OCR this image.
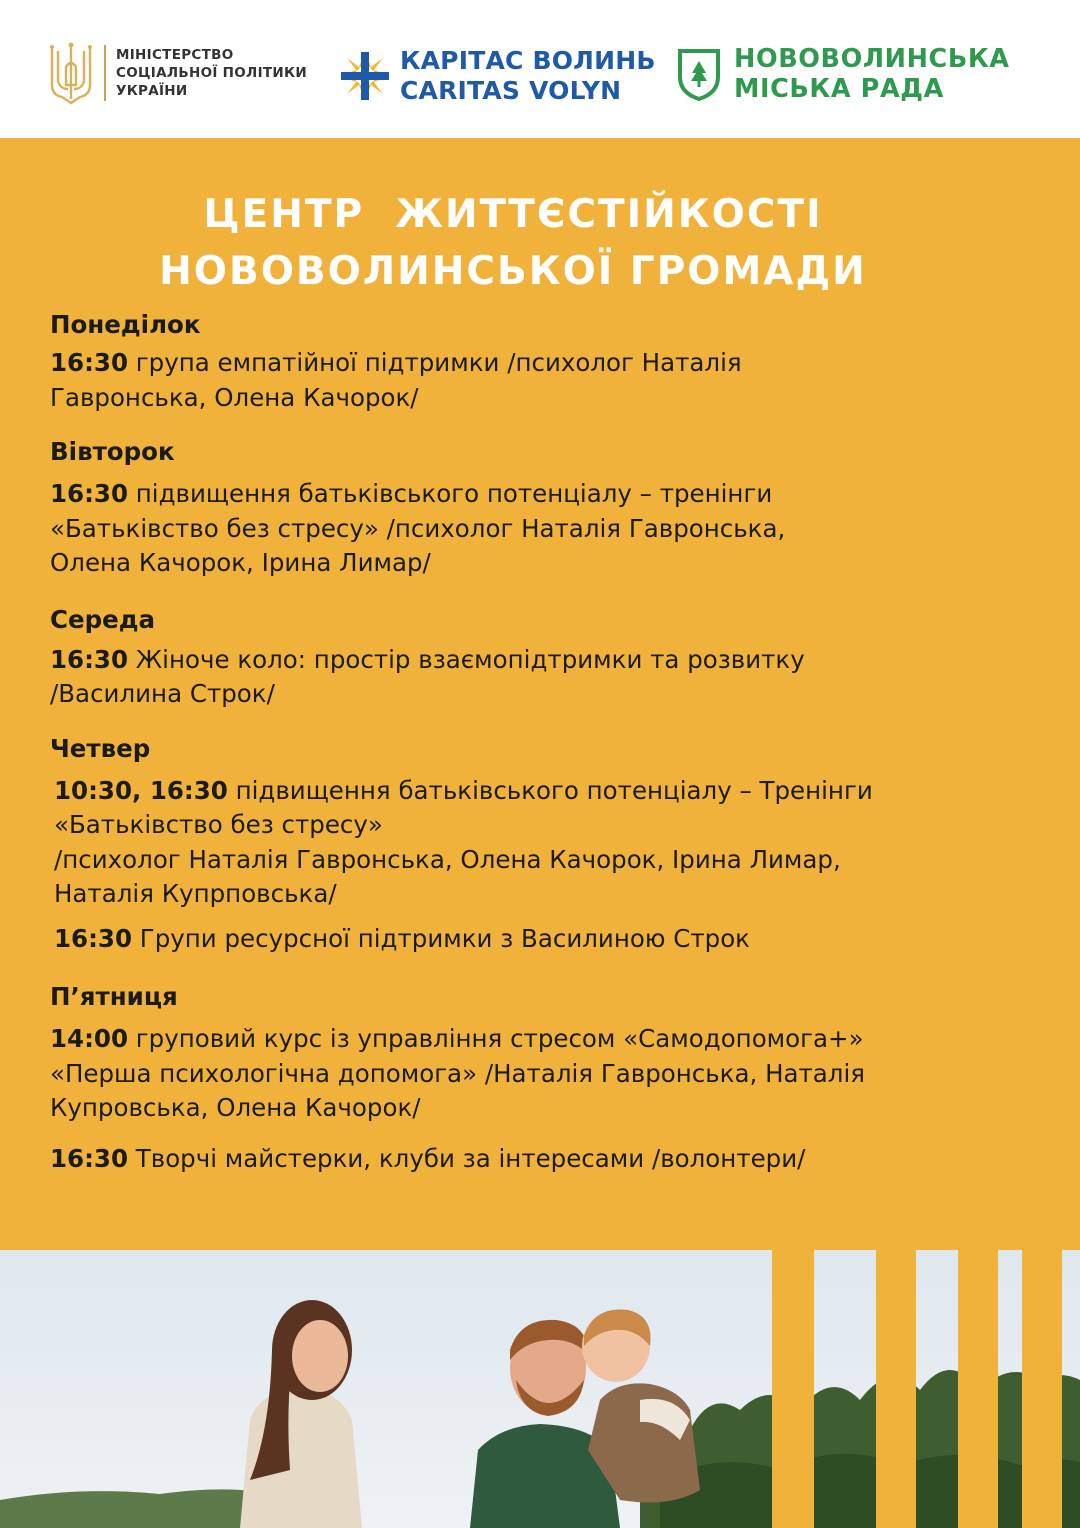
МІНІСТЕРСТВО
СОЦІАЛЬНОЇ ПОЛІТИКИ
УКРАЇНИ
КАРІТАС ВОЛИНЬ
CARITAS VOLYN
НОВОВОЛИНСЬКА
МІСЬКА РАДА
ЦЕНТР  ЖИТТЄСТІЙКОСТІ
НОВОВОЛИНСЬКОЇ ГРОМАДИ
Понеділок
16:30 група емпатійної підтримки /психолог Наталія
Гавронська, Олена Качорок/
Вівторок
16:30 підвищення батьківського потенціалу – тренінги
«Батьківство без стресу» /психолог Наталія Гавронська,
Олена Качорок, Ірина Лимар/
Середа
16:30 Жіноче коло: простір взаємопідтримки та розвитку
/Василина Строк/
Четвер
10:30, 16:30 підвищення батьківського потенціалу – Тренінги
«Батьківство без стресу»
/психолог Наталія Гавронська, Олена Качорок, Ірина Лимар,
Наталія Купрповська/
16:30 Групи ресурсної підтримки з Василиною Строк
П’ятниця
14:00 груповий курс із управління стресом «Самодопомога+»
«Перша психологічна допомога» /Наталія Гавронська, Наталія
Купровська, Олена Качорок/
16:30 Творчі майстерки, клуби за інтересами /волонтери/
